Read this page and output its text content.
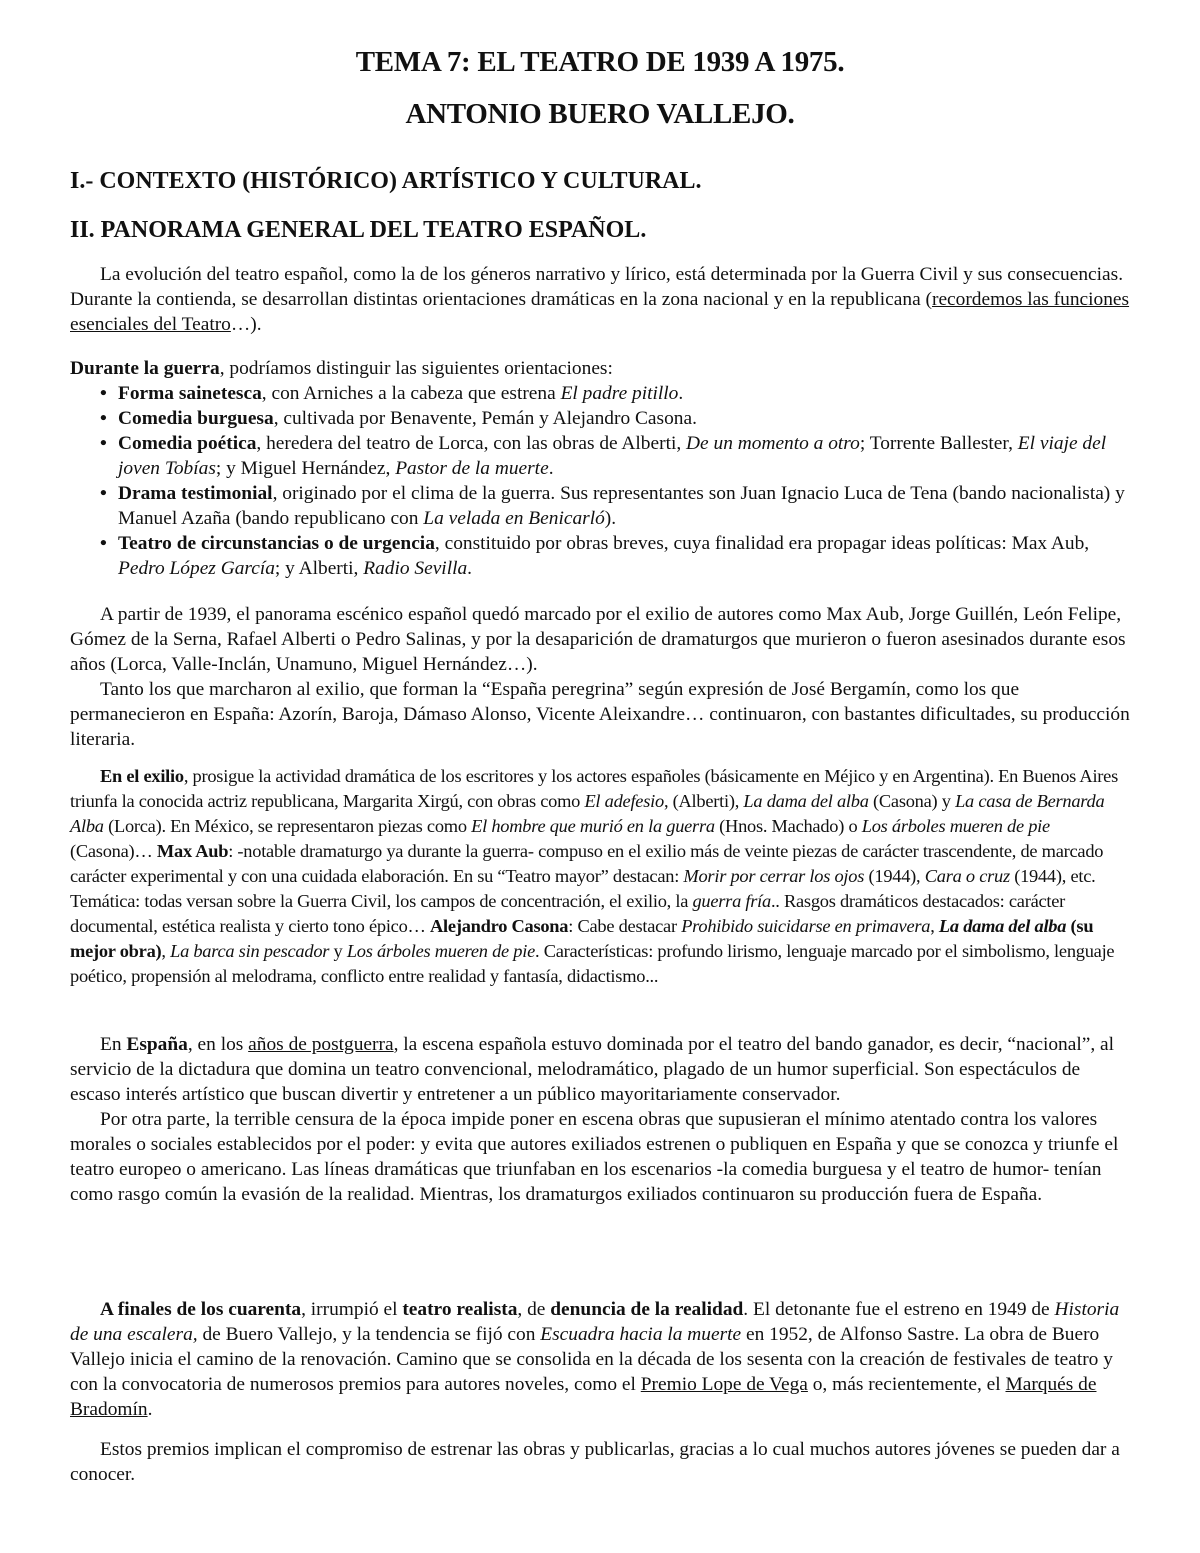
TEMA 7: EL TEATRO DE 1939 A 1975.
ANTONIO BUERO VALLEJO.
I.- CONTEXTO (HISTÓRICO) ARTÍSTICO Y CULTURAL.
II. PANORAMA GENERAL DEL TEATRO ESPAÑOL.

La evolución del teatro español, como la de los géneros narrativo y lírico, está determinada por la Guerra Civil y sus consecuencias. Durante la contienda, se desarrollan distintas orientaciones dramáticas en la zona nacional y en la republicana (recordemos las funciones esenciales del Teatro…).

Durante la guerra, podríamos distinguir las siguientes orientaciones:
• Forma sainetesca, con Arniches a la cabeza que estrena El padre pitillo.
• Comedia burguesa, cultivada por Benavente, Pemán y Alejandro Casona.
• Comedia poética, heredera del teatro de Lorca, con las obras de Alberti, De un momento a otro; Torrente Ballester, El viaje del joven Tobías; y Miguel Hernández, Pastor de la muerte.
• Drama testimonial, originado por el clima de la guerra. Sus representantes son Juan Ignacio Luca de Tena (bando nacionalista) y Manuel Azaña (bando republicano con La velada en Benicarló).
• Teatro de circunstancias o de urgencia, constituido por obras breves, cuya finalidad era propagar ideas políticas: Max Aub, Pedro López García; y Alberti, Radio Sevilla.

A partir de 1939, el panorama escénico español quedó marcado por el exilio de autores como Max Aub, Jorge Guillén, León Felipe, Gómez de la Serna, Rafael Alberti o Pedro Salinas, y por la desaparición de dramaturgos que murieron o fueron asesinados durante esos años (Lorca, Valle-Inclán, Unamuno, Miguel Hernández…).
Tanto los que marcharon al exilio, que forman la “España peregrina” según expresión de José Bergamín, como los que permanecieron en España: Azorín, Baroja, Dámaso Alonso, Vicente Aleixandre… continuaron, con bastantes dificultades, su producción literaria.

En el exilio, prosigue la actividad dramática de los escritores y los actores españoles (básicamente en Méjico y en Argentina). En Buenos Aires triunfa la conocida actriz republicana, Margarita Xirgú, con obras como El adefesio, (Alberti), La dama del alba (Casona) y La casa de Bernarda Alba (Lorca). En México, se representaron piezas como El hombre que murió en la guerra (Hnos. Machado) o Los árboles mueren de pie (Casona)… Max Aub: -notable dramaturgo ya durante la guerra- compuso en el exilio más de veinte piezas de carácter trascendente, de marcado carácter experimental y con una cuidada elaboración. En su “Teatro mayor” destacan: Morir por cerrar los ojos (1944), Cara o cruz (1944), etc. Temática: todas versan sobre la Guerra Civil, los campos de concentración, el exilio, la guerra fría.. Rasgos dramáticos destacados: carácter documental, estética realista y cierto tono épico… Alejandro Casona: Cabe destacar Prohibido suicidarse en primavera, La dama del alba (su mejor obra), La barca sin pescador y Los árboles mueren de pie. Características: profundo lirismo, lenguaje marcado por el simbolismo, lenguaje poético, propensión al melodrama, conflicto entre realidad y fantasía, didactismo...

En España, en los años de postguerra, la escena española estuvo dominada por el teatro del bando ganador, es decir, “nacional”, al servicio de la dictadura que domina un teatro convencional, melodramático, plagado de un humor superficial. Son espectáculos de escaso interés artístico que buscan divertir y entretener a un público mayoritariamente conservador.
Por otra parte, la terrible censura de la época impide poner en escena obras que supusieran el mínimo atentado contra los valores morales o sociales establecidos por el poder: y evita que autores exiliados estrenen o publiquen en España y que se conozca y triunfe el teatro europeo o americano. Las líneas dramáticas que triunfaban en los escenarios -la comedia burguesa y el teatro de humor- tenían como rasgo común la evasión de la realidad. Mientras, los dramaturgos exiliados continuaron su producción fuera de España.

A finales de los cuarenta, irrumpió el teatro realista, de denuncia de la realidad. El detonante fue el estreno en 1949 de Historia de una escalera, de Buero Vallejo, y la tendencia se fijó con Escuadra hacia la muerte en 1952, de Alfonso Sastre. La obra de Buero Vallejo inicia el camino de la renovación. Camino que se consolida en la década de los sesenta con la creación de festivales de teatro y con la convocatoria de numerosos premios para autores noveles, como el Premio Lope de Vega o, más recientemente, el Marqués de Bradomín.

Estos premios implican el compromiso de estrenar las obras y publicarlas, gracias a lo cual muchos autores jóvenes se pueden dar a conocer.
